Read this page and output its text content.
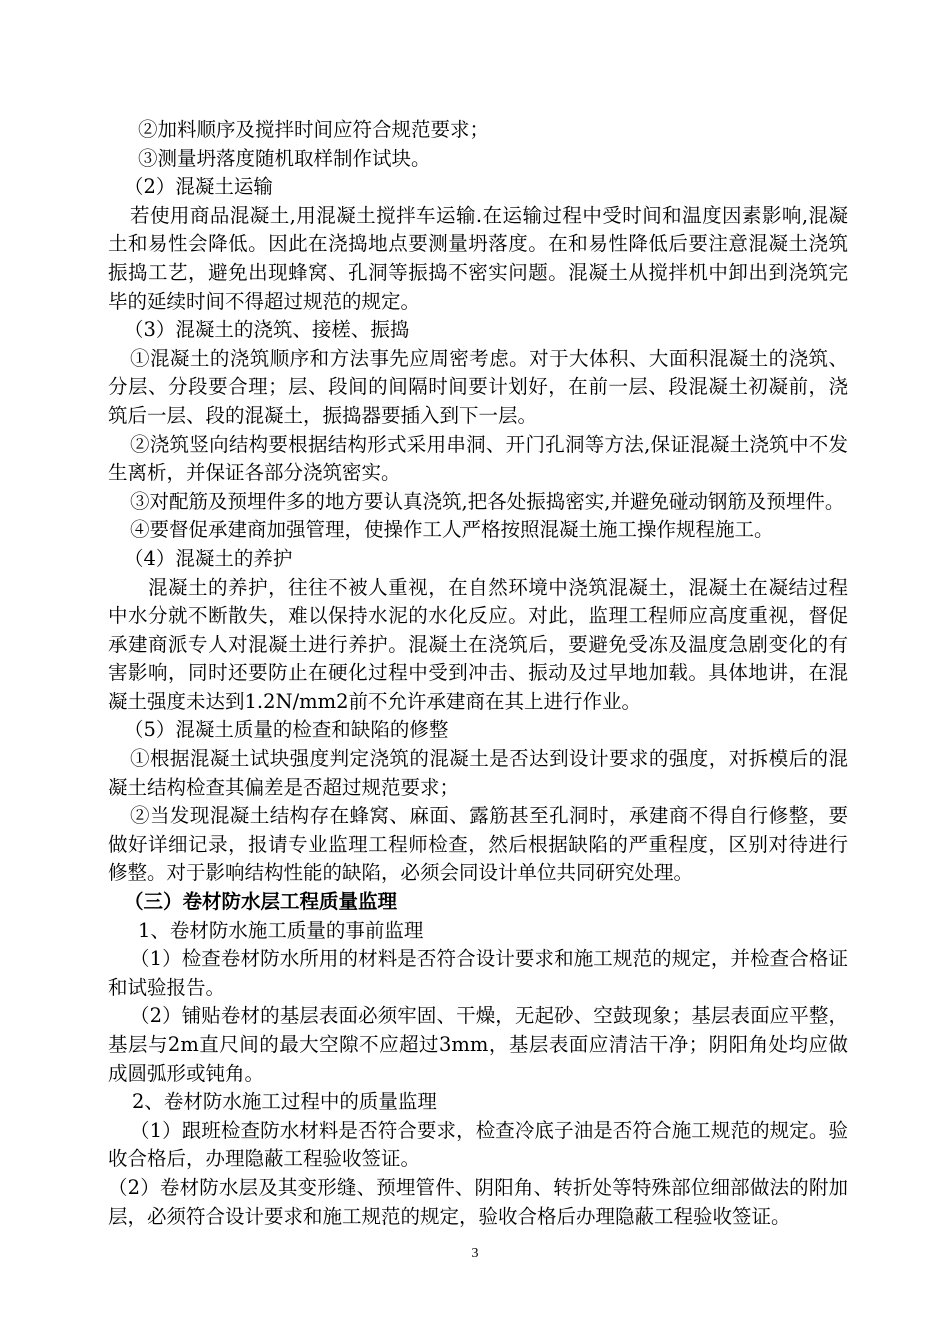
②加料顺序及搅拌时间应符合规范要求；

③测量坍落度随机取样制作试块。

（2）混凝土运输

若使用商品混凝土,用混凝土搅拌车运输.在运输过程中受时间和温度因素影响,混凝土和易性会降低。因此在浇捣地点要测量坍落度。在和易性降低后要注意混凝土浇筑振捣工艺，避免出现蜂窝、孔洞等振捣不密实问题。混凝土从搅拌机中卸出到浇筑完毕的延续时间不得超过规范的规定。

（3）混凝土的浇筑、接槎、振捣

①混凝土的浇筑顺序和方法事先应周密考虑。对于大体积、大面积混凝土的浇筑、分层、分段要合理；层、段间的间隔时间要计划好，在前一层、段混凝土初凝前，浇筑后一层、段的混凝土，振捣器要插入到下一层。

②浇筑竖向结构要根据结构形式采用串洞、开门孔洞等方法,保证混凝土浇筑中不发生离析，并保证各部分浇筑密实。

③对配筋及预埋件多的地方要认真浇筑,把各处振捣密实,并避免碰动钢筋及预埋件。

④要督促承建商加强管理，使操作工人严格按照混凝土施工操作规程施工。

（4）混凝土的养护

混凝土的养护，往往不被人重视，在自然环境中浇筑混凝土，混凝土在凝结过程中水分就不断散失，难以保持水泥的水化反应。对此，监理工程师应高度重视，督促承建商派专人对混凝土进行养护。混凝土在浇筑后，要避免受冻及温度急剧变化的有害影响，同时还要防止在硬化过程中受到冲击、振动及过早地加载。具体地讲，在混凝土强度未达到1.2N/mm2前不允许承建商在其上进行作业。

（5）混凝土质量的检查和缺陷的修整

①根据混凝土试块强度判定浇筑的混凝土是否达到设计要求的强度，对拆模后的混凝土结构检查其偏差是否超过规范要求；

②当发现混凝土结构存在蜂窝、麻面、露筋甚至孔洞时，承建商不得自行修整，要做好详细记录，报请专业监理工程师检查，然后根据缺陷的严重程度，区别对待进行修整。对于影响结构性能的缺陷，必须会同设计单位共同研究处理。

（三）卷材防水层工程质量监理

1、卷材防水施工质量的事前监理

（1）检查卷材防水所用的材料是否符合设计要求和施工规范的规定，并检查合格证和试验报告。

（2）铺贴卷材的基层表面必须牢固、干燥，无起砂、空鼓现象；基层表面应平整，基层与2m直尺间的最大空隙不应超过3mm，基层表面应清洁干净；阴阳角处均应做成圆弧形或钝角。

2、卷材防水施工过程中的质量监理

（1）跟班检查防水材料是否符合要求，检查冷底子油是否符合施工规范的规定。验收合格后，办理隐蔽工程验收签证。

（2）卷材防水层及其变形缝、预埋管件、阴阳角、转折处等特殊部位细部做法的附加层，必须符合设计要求和施工规范的规定，验收合格后办理隐蔽工程验收签证。

3
